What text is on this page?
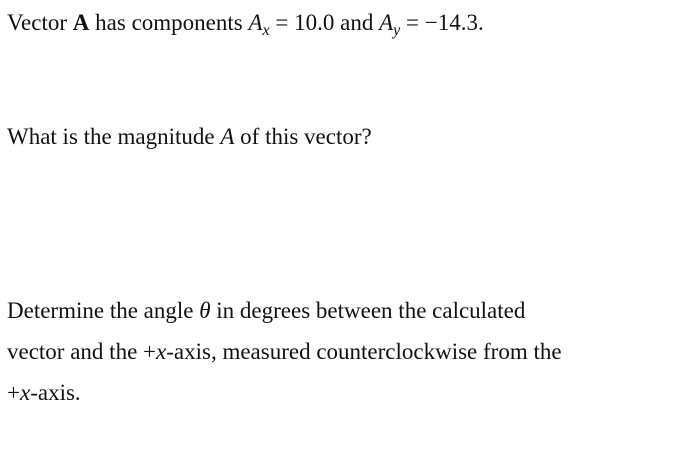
Vector A has components $A_x = 10.0$ and $A_y = -14.3$.
What is the magnitude A of this vector?
Determine the angle θ in degrees between the calculated
vector and the +x-axis, measured counterclockwise from the
+x-axis.
